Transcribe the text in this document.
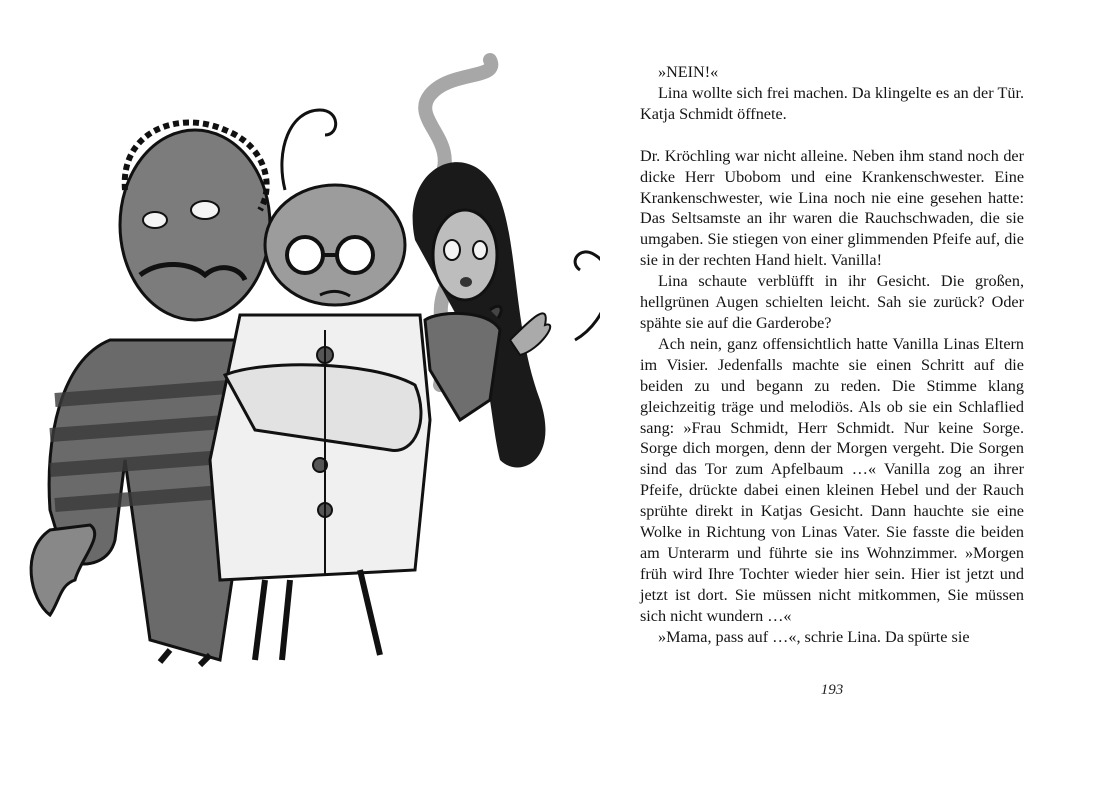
»NEIN!«

Lina wollte sich frei machen. Da klingelte es an der Tür. Katja Schmidt öffnete.

Dr. Kröchling war nicht alleine. Neben ihm stand noch der dicke Herr Ubobom und eine Krankenschwester. Eine Krankenschwester, wie Lina noch nie eine gesehen hatte: Das Seltsamste an ihr waren die Rauchschwaden, die sie umgaben. Sie stiegen von einer glimmenden Pfeife auf, die sie in der rechten Hand hielt. Vanilla!

Lina schaute verblüfft in ihr Gesicht. Die großen, hellgrünen Augen schielten leicht. Sah sie zurück? Oder spähte sie auf die Garderobe?

Ach nein, ganz offensichtlich hatte Vanilla Linas Eltern im Visier. Jedenfalls machte sie einen Schritt auf die beiden zu und begann zu reden. Die Stimme klang gleichzeitig träge und melodiös. Als ob sie ein Schlaflied sang: »Frau Schmidt, Herr Schmidt. Nur keine Sorge. Sorge dich morgen, denn der Morgen vergeht. Die Sorgen sind das Tor zum Apfelbaum …« Vanilla zog an ihrer Pfeife, drückte dabei einen kleinen Hebel und der Rauch sprühte direkt in Katjas Gesicht. Dann hauchte sie eine Wolke in Richtung von Linas Vater. Sie fasste die beiden am Unterarm und führte sie ins Wohnzimmer. »Morgen früh wird Ihre Tochter wieder hier sein. Hier ist jetzt und jetzt ist dort. Sie müssen nicht mitkommen, Sie müssen sich nicht wundern …«

»Mama, pass auf …«, schrie Lina. Da spürte sie

193
